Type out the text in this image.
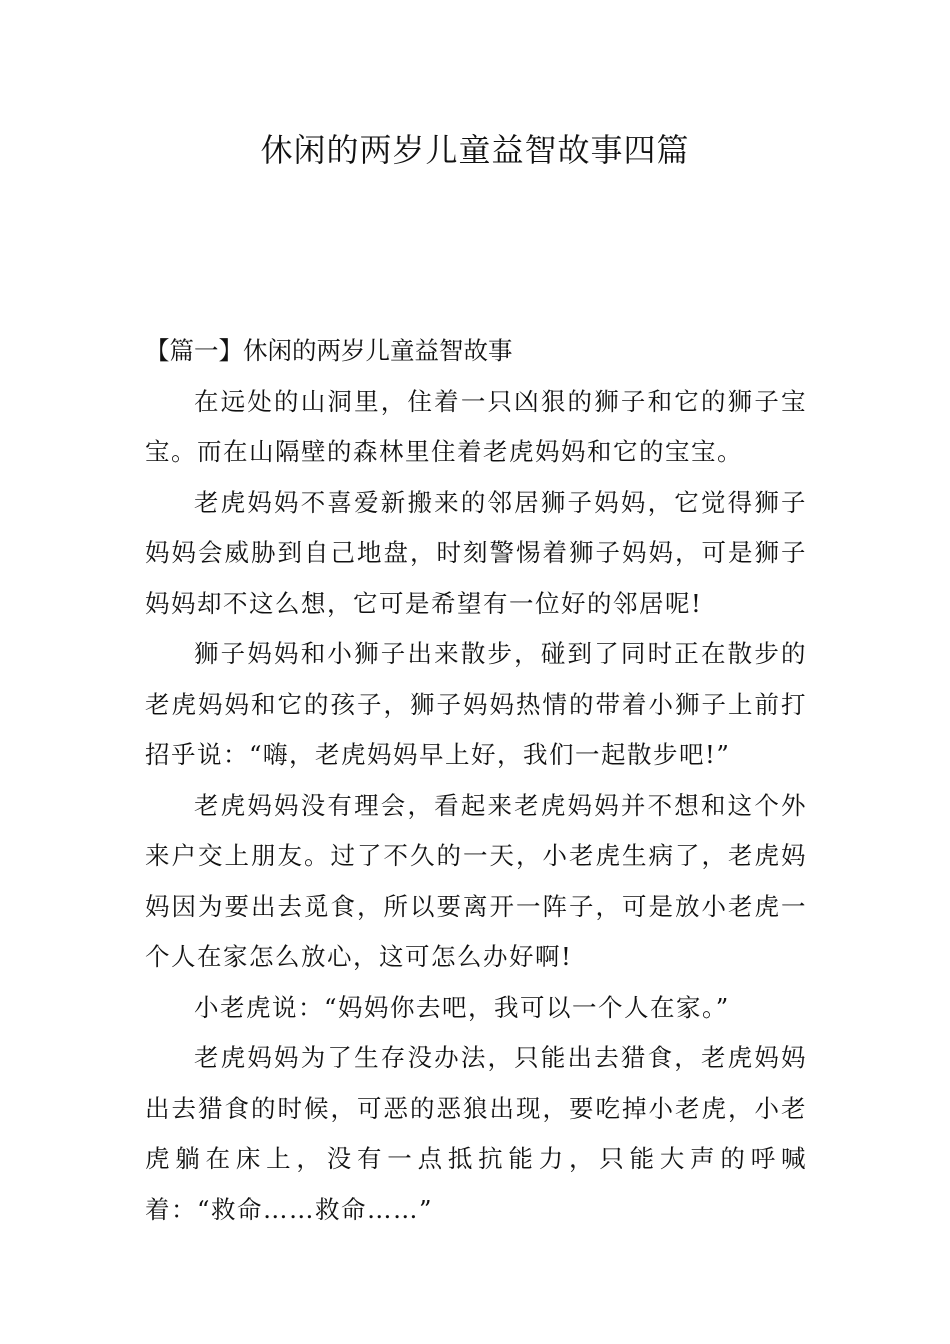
休闲的两岁儿童益智故事四篇

【篇一】休闲的两岁儿童益智故事

在远处的山洞里，住着一只凶狠的狮子和它的狮子宝宝。而在山隔壁的森林里住着老虎妈妈和它的宝宝。

老虎妈妈不喜爱新搬来的邻居狮子妈妈，它觉得狮子妈妈会威胁到自己地盘，时刻警惕着狮子妈妈，可是狮子妈妈却不这么想，它可是希望有一位好的邻居呢!

狮子妈妈和小狮子出来散步，碰到了同时正在散步的老虎妈妈和它的孩子，狮子妈妈热情的带着小狮子上前打招乎说：“嗨，老虎妈妈早上好，我们一起散步吧!”

老虎妈妈没有理会，看起来老虎妈妈并不想和这个外来户交上朋友。过了不久的一天，小老虎生病了，老虎妈妈因为要出去觅食，所以要离开一阵子，可是放小老虎一个人在家怎么放心，这可怎么办好啊!

小老虎说：“妈妈你去吧，我可以一个人在家。”

老虎妈妈为了生存没办法，只能出去猎食，老虎妈妈出去猎食的时候，可恶的恶狼出现，要吃掉小老虎，小老虎躺在床上，没有一点抵抗能力，只能大声的呼喊着：“救命……救命……”
